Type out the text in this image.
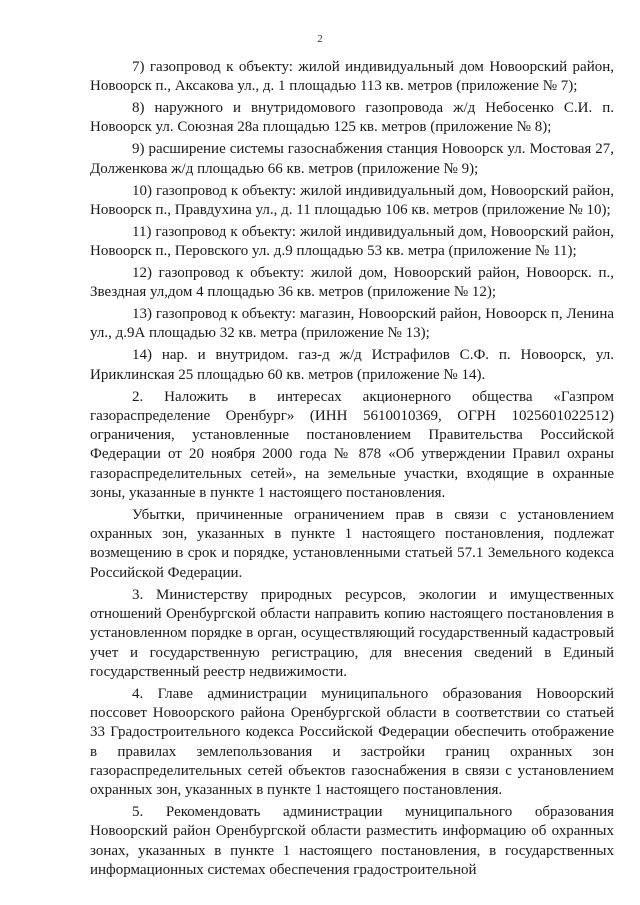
2

7) газопровод к объекту: жилой индивидуальный дом Новоорский район, Новоорск п., Аксакова ул., д. 1 площадью 113 кв. метров (приложение № 7);

8) наружного и внутридомового газопровода ж/д Небосенко С.И. п. Новоорск ул. Союзная 28а площадью 125 кв. метров (приложение № 8);

9) расширение системы газоснабжения станция Новоорск ул. Мостовая 27, Долженкова ж/д площадью 66 кв. метров (приложение № 9);

10) газопровод к объекту: жилой индивидуальный дом, Новоорский район, Новоорск п., Правдухина ул., д. 11 площадью 106 кв. метров (приложение № 10);

11) газопровод к объекту: жилой индивидуальный дом, Новоорский район, Новоорск п., Перовского ул. д.9 площадью 53 кв. метра (приложение № 11);

12) газопровод к объекту: жилой дом, Новоорский район, Новоорск. п., Звездная ул,дом 4 площадью 36 кв. метров (приложение № 12);

13) газопровод к объекту: магазин, Новоорский район, Новоорск п, Ленина ул., д.9А площадью 32 кв. метра (приложение № 13);

14) нар. и внутридом. газ-д ж/д Истрафилов С.Ф. п. Новоорск, ул. Ириклинская 25 площадью 60 кв. метров (приложение № 14).

2. Наложить в интересах акционерного общества «Газпром газораспределение Оренбург» (ИНН 5610010369, ОГРН 1025601022512) ограничения, установленные постановлением Правительства Российской Федерации от 20 ноября 2000 года № 878 «Об утверждении Правил охраны газораспределительных сетей», на земельные участки, входящие в охранные зоны, указанные в пункте 1 настоящего постановления.

Убытки, причиненные ограничением прав в связи с установлением охранных зон, указанных в пункте 1 настоящего постановления, подлежат возмещению в срок и порядке, установленными статьей 57.1 Земельного кодекса Российской Федерации.

3. Министерству природных ресурсов, экологии и имущественных отношений Оренбургской области направить копию настоящего постановления в установленном порядке в орган, осуществляющий государственный кадастровый учет и государственную регистрацию, для внесения сведений в Единый государственный реестр недвижимости.

4. Главе администрации муниципального образования Новоорский поссовет Новоорского района Оренбургской области в соответствии со статьей 33 Градостроительного кодекса Российской Федерации обеспечить отображение в правилах землепользования и застройки границ охранных зон газораспределительных сетей объектов газоснабжения в связи с установлением охранных зон, указанных в пункте 1 настоящего постановления.

5. Рекомендовать администрации муниципального образования Новоорский район Оренбургской области разместить информацию об охранных зонах, указанных в пункте 1 настоящего постановления, в государственных информационных системах обеспечения градостроительной
